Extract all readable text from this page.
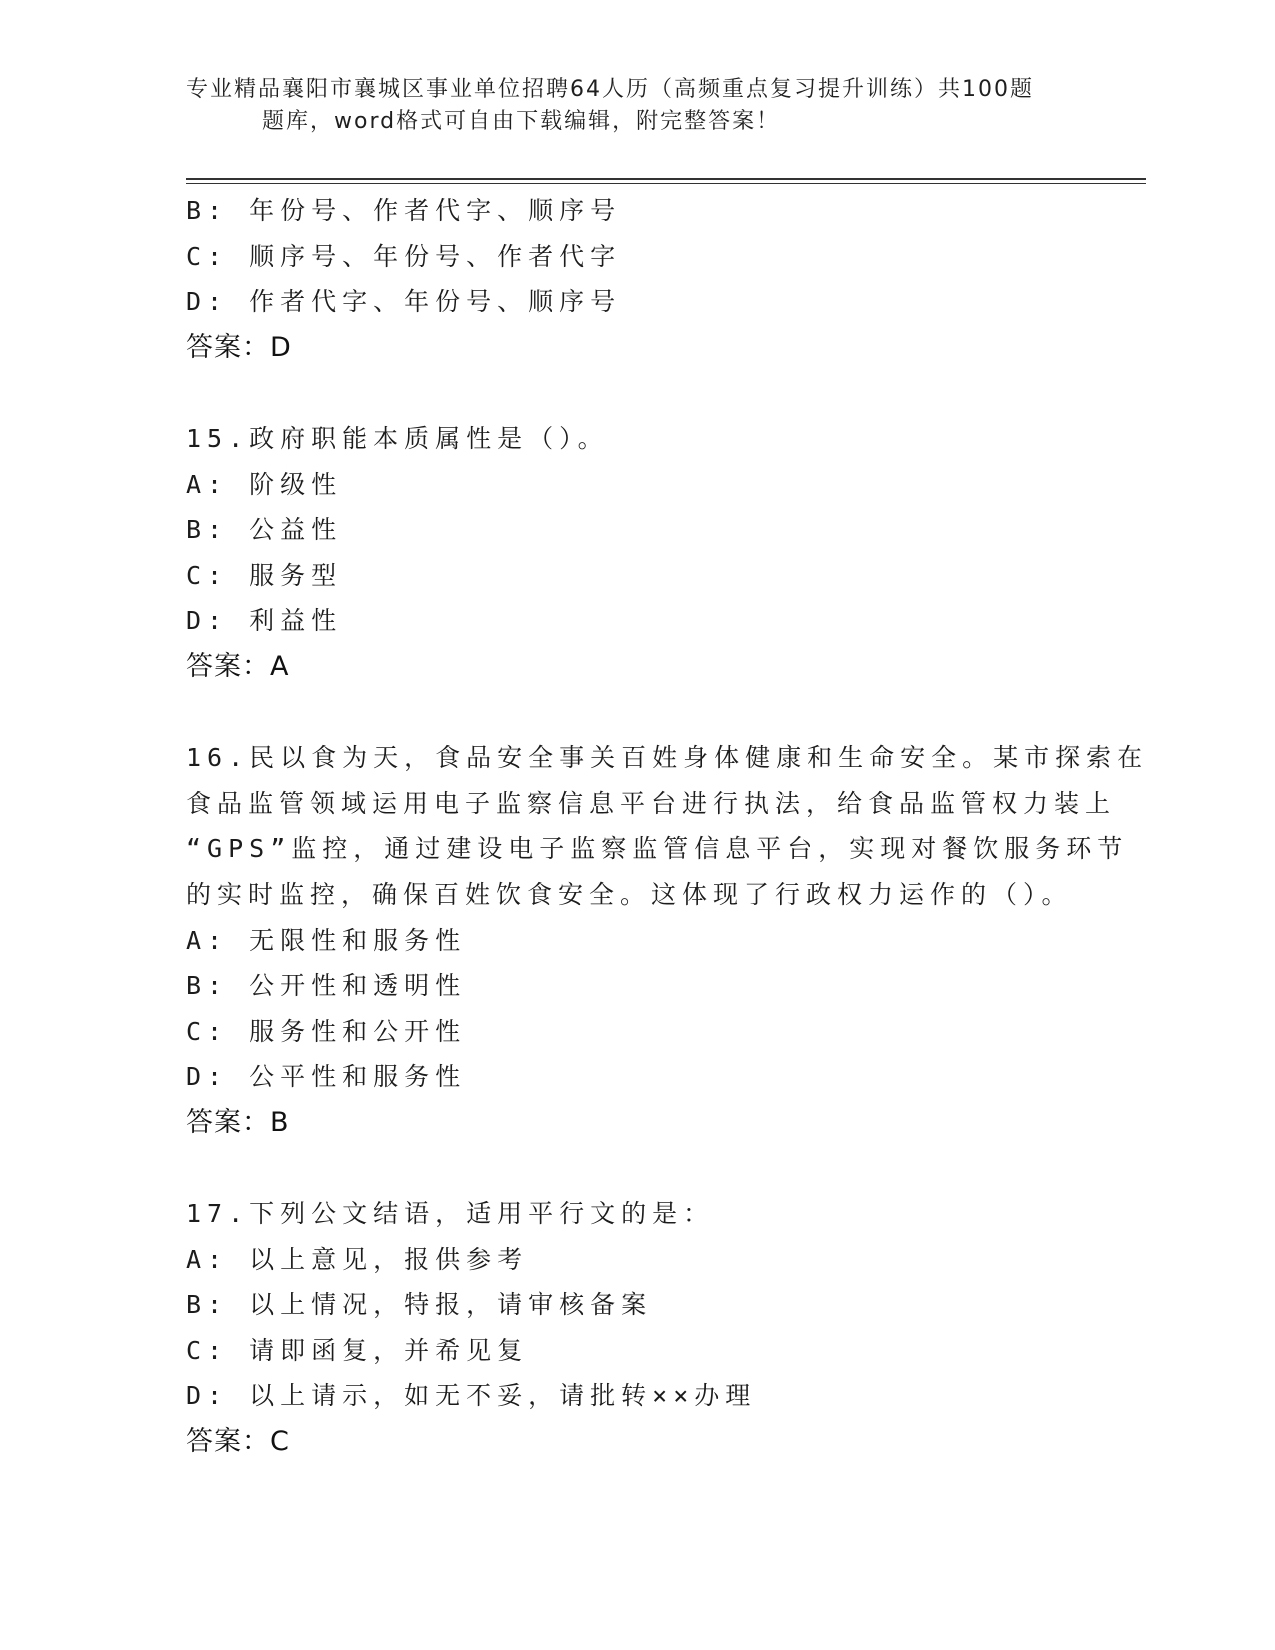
专业精品襄阳市襄城区事业单位招聘64人历（高频重点复习提升训练）共100题
题库，word格式可自由下载编辑，附完整答案！
B: 年份号、作者代字、顺序号
C: 顺序号、年份号、作者代字
D: 作者代字、年份号、顺序号
答案：D
15.政府职能本质属性是（）。
A: 阶级性
B: 公益性
C: 服务型
D: 利益性
答案：A
16.民以食为天，食品安全事关百姓身体健康和生命安全。某市探索在
食品监管领域运用电子监察信息平台进行执法，给食品监管权力装上
“GPS”监控，通过建设电子监察监管信息平台，实现对餐饮服务环节
的实时监控，确保百姓饮食安全。这体现了行政权力运作的（）。
A: 无限性和服务性
B: 公开性和透明性
C: 服务性和公开性
D: 公平性和服务性
答案：B
17.下列公文结语，适用平行文的是：
A: 以上意见，报供参考
B: 以上情况，特报，请审核备案
C: 请即函复，并希见复
D: 以上请示，如无不妥，请批转××办理
答案：C
